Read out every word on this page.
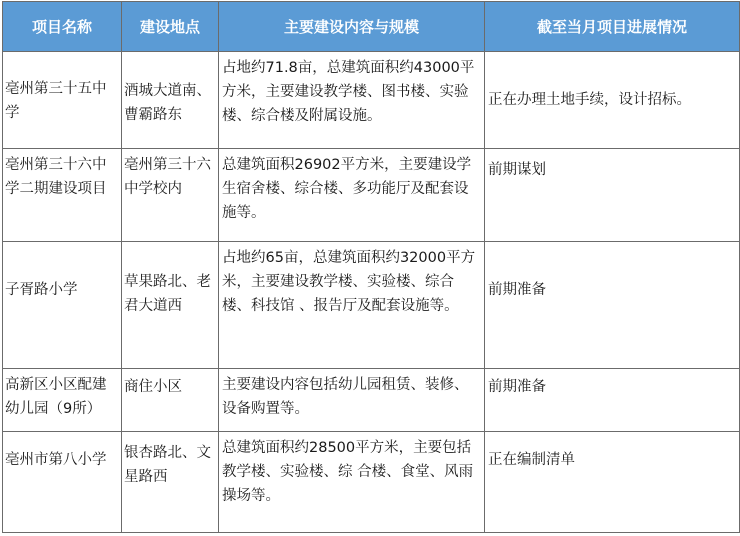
项目名称	建设地点	主要建设内容与规模	截至当月项目进展情况
亳州第三十五中学	酒城大道南、曹霸路东	占地约71.8亩，总建筑面积约43000平方米，主要建设教学楼、图书楼、实验楼、综合楼及附属设施。	正在办理土地手续，设计招标。
亳州第三十六中学二期建设项目	亳州第三十六中学校内	总建筑面积26902平方米，主要建设学生宿舍楼、综合楼、多功能厅及配套设施等。	前期谋划
子胥路小学	草果路北、老君大道西	占地约65亩，总建筑面积约32000平方米，主要建设教学楼、实验楼、综合楼、科技馆 、报告厅及配套设施等。	前期准备
高新区小区配建幼儿园（9所）	商住小区	主要建设内容包括幼儿园租赁、装修、设备购置等。	前期准备
亳州市第八小学	银杏路北、文星路西	总建筑面积约28500平方米，主要包括教学楼、实验楼、综 合楼、食堂、风雨操场等。	正在编制清单
